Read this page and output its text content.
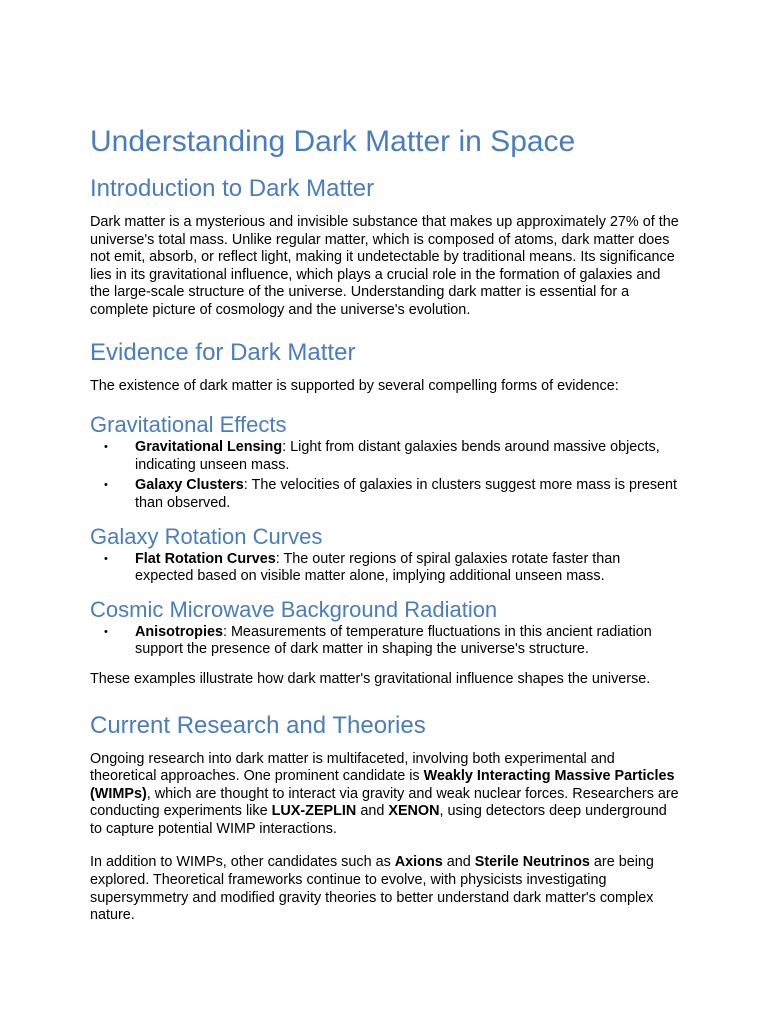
Understanding Dark Matter in Space
Introduction to Dark Matter

Dark matter is a mysterious and invisible substance that makes up approximately 27% of the universe's total mass. Unlike regular matter, which is composed of atoms, dark matter does not emit, absorb, or reflect light, making it undetectable by traditional means. Its significance lies in its gravitational influence, which plays a crucial role in the formation of galaxies and the large-scale structure of the universe. Understanding dark matter is essential for a complete picture of cosmology and the universe's evolution.

Evidence for Dark Matter

The existence of dark matter is supported by several compelling forms of evidence:

Gravitational Effects
• Gravitational Lensing: Light from distant galaxies bends around massive objects, indicating unseen mass.
• Galaxy Clusters: The velocities of galaxies in clusters suggest more mass is present than observed.
Galaxy Rotation Curves
• Flat Rotation Curves: The outer regions of spiral galaxies rotate faster than expected based on visible matter alone, implying additional unseen mass.
Cosmic Microwave Background Radiation
• Anisotropies: Measurements of temperature fluctuations in this ancient radiation support the presence of dark matter in shaping the universe's structure.

These examples illustrate how dark matter's gravitational influence shapes the universe.

Current Research and Theories

Ongoing research into dark matter is multifaceted, involving both experimental and theoretical approaches. One prominent candidate is Weakly Interacting Massive Particles (WIMPs), which are thought to interact via gravity and weak nuclear forces. Researchers are conducting experiments like LUX-ZEPLIN and XENON, using detectors deep underground to capture potential WIMP interactions.

In addition to WIMPs, other candidates such as Axions and Sterile Neutrinos are being explored. Theoretical frameworks continue to evolve, with physicists investigating supersymmetry and modified gravity theories to better understand dark matter's complex nature.
